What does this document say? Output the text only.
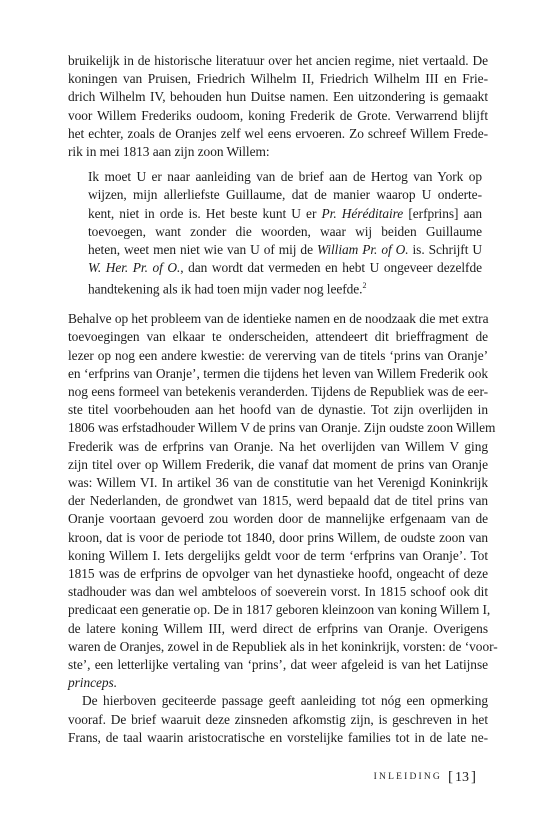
bruikelijk in de historische literatuur over het ancien regime, niet vertaald. De
koningen van Pruisen, Friedrich Wilhelm II, Friedrich Wilhelm III en Frie-
drich Wilhelm IV, behouden hun Duitse namen. Een uitzondering is gemaakt
voor Willem Frederiks oudoom, koning Frederik de Grote. Verwarrend blijft
het echter, zoals de Oranjes zelf wel eens ervoeren. Zo schreef Willem Frede-
rik in mei 1813 aan zijn zoon Willem:
Ik moet U er naar aanleiding van de brief aan de Hertog van York op
wijzen, mijn allerliefste Guillaume, dat de manier waarop U onderte-
kent, niet in orde is. Het beste kunt U er Pr. Héréditaire [erfprins] aan
toevoegen, want zonder die woorden, waar wij beiden Guillaume
heten, weet men niet wie van U of mij de William Pr. of O. is. Schrijft U
W. Her. Pr. of O., dan wordt dat vermeden en hebt U ongeveer dezelfde
handtekening als ik had toen mijn vader nog leefde.$^2$
Behalve op het probleem van de identieke namen en de noodzaak die met extra
toevoegingen van elkaar te onderscheiden, attendeert dit brieffragment de
lezer op nog een andere kwestie: de vererving van de titels ‘prins van Oranje’
en ‘erfprins van Oranje’, termen die tijdens het leven van Willem Frederik ook
nog eens formeel van betekenis veranderden. Tijdens de Republiek was de eer-
ste titel voorbehouden aan het hoofd van de dynastie. Tot zijn overlijden in
1806 was erfstadhouder Willem V de prins van Oranje. Zijn oudste zoon Willem
Frederik was de erfprins van Oranje. Na het overlijden van Willem V ging
zijn titel over op Willem Frederik, die vanaf dat moment de prins van Oranje
was: Willem VI. In artikel 36 van de constitutie van het Verenigd Koninkrijk
der Nederlanden, de grondwet van 1815, werd bepaald dat de titel prins van
Oranje voortaan gevoerd zou worden door de mannelijke erfgenaam van de
kroon, dat is voor de periode tot 1840, door prins Willem, de oudste zoon van
koning Willem I. Iets dergelijks geldt voor de term ‘erfprins van Oranje’. Tot
1815 was de erfprins de opvolger van het dynastieke hoofd, ongeacht of deze
stadhouder was dan wel ambteloos of soeverein vorst. In 1815 schoof ook dit
predicaat een generatie op. De in 1817 geboren kleinzoon van koning Willem I,
de latere koning Willem III, werd direct de erfprins van Oranje. Overigens
waren de Oranjes, zowel in de Republiek als in het koninkrijk, vorsten: de ‘voor-
ste’, een letterlijke vertaling van ‘prins’, dat weer afgeleid is van het Latijnse
princeps.
De hierboven geciteerde passage geeft aanleiding tot nóg een opmerking
vooraf. De brief waaruit deze zinsneden afkomstig zijn, is geschreven in het
Frans, de taal waarin aristocratische en vorstelijke families tot in de late ne-
INLEIDING [ 13 ]
